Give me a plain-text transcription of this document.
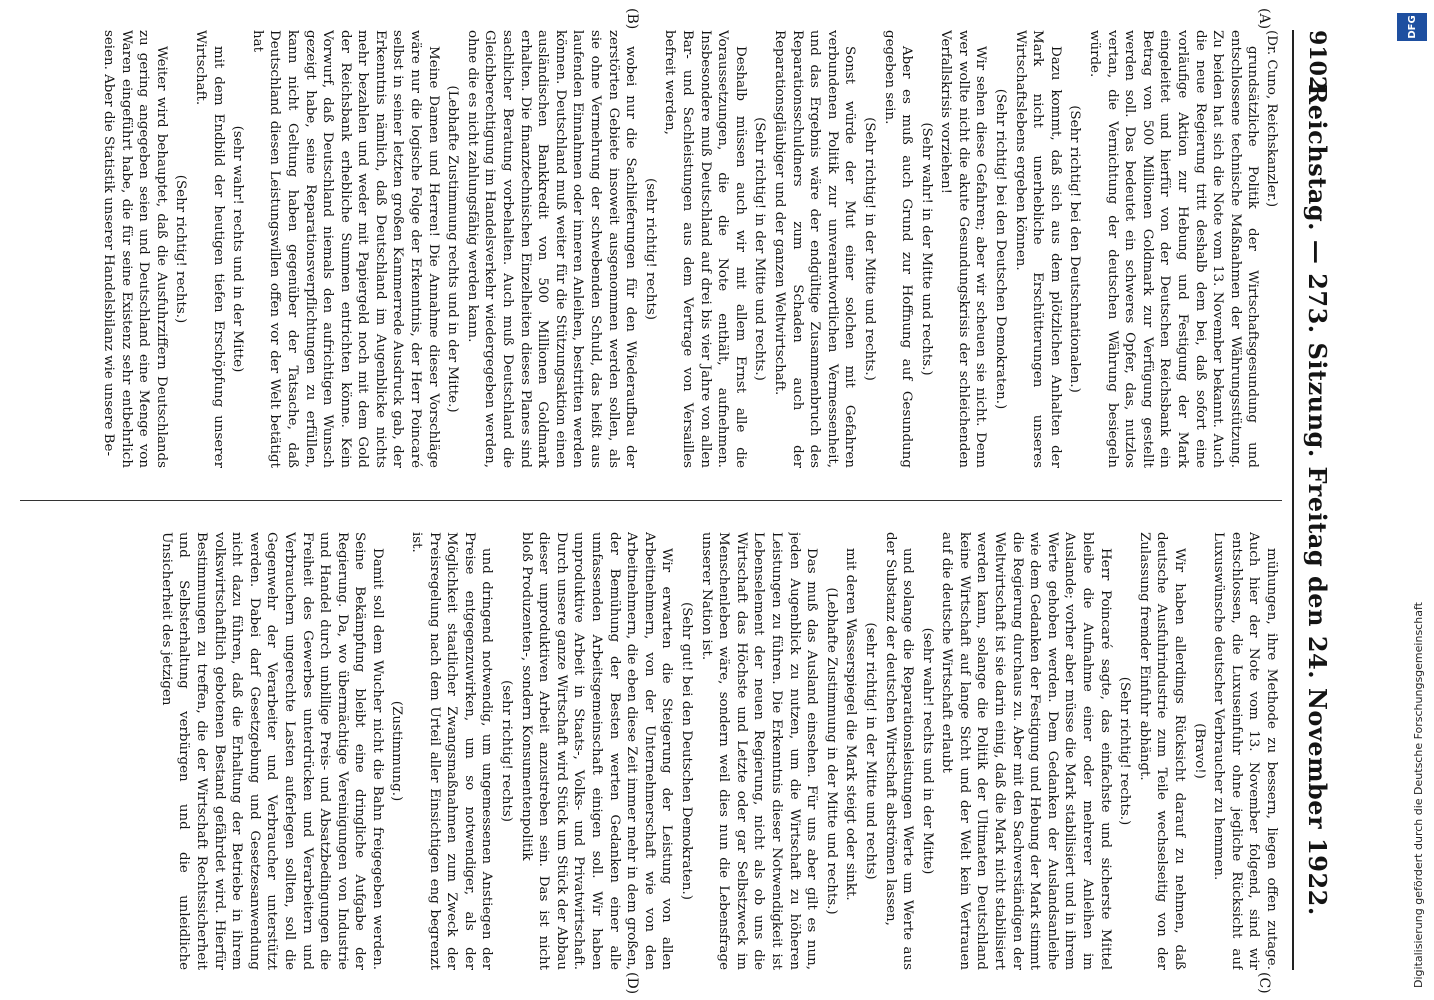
9102
Reichstag. — 273. Sitzung. Freitag den 24. November 1922.
(A)
(B)
(C)
(D)

(Dr. Cuno, Reichskanzler.)

grundsätzliche Politik der Wirtschaftsgesundung und entschlossene technische Maßnahmen der Währungsstützung. Zu beiden hat sich die Note vom 13. November bekannt. Auch die neue Regierung tritt deshalb dem bei, daß sofort eine vorläufige Aktion zur Hebung und Festigung der Mark eingeleitet und hierfür von der Deutschen Reichsbank ein Betrag von 500 Millionen Goldmark zur Verfügung gestellt werden soll. Das bedeutet ein schweres Opfer, das, nutzlos vertan, die Vernichtung der deutschen Währung besiegeln würde.

(Sehr richtig! bei den Deutschnationalen.)

Dazu kommt, daß sich aus dem plötzlichen Anhalten der Mark nicht unerhebliche Erschütterungen unseres Wirtschaftslebens ergeben können.

(Sehr richtig! bei den Deutschen Demokraten.)

Wir sehen diese Gefahren; aber wir scheuen sie nicht. Denn wer wollte nicht die akute Gesundungskrisis der schleichenden Verfallskrisis vorziehen!

(Sehr wahr! in der Mitte und rechts.)

Aber es muß auch Grund zur Hoffnung auf Gesundung gegeben sein.

(Sehr richtig! in der Mitte und rechts.)

Sonst würde der Mut einer solchen mit Gefahren verbundenen Politik zur unverantwortlichen Vermessenheit, und das Ergebnis wäre der endgültige Zusammenbruch des Reparationsschuldners zum Schaden auch der Reparationsgläubiger und der ganzen Weltwirtschaft.

(Sehr richtig! in der Mitte und rechts.)

Deshalb müssen auch wir mit allem Ernst alle die Voraussetzungen, die die Note enthält, aufnehmen. Insbesondere muß Deutschland auf drei bis vier Jahre von allen Bar- und Sachleistungen aus dem Vertrage von Versailles befreit werden,

(sehr richtig! rechts)

wobei nur die Sachlieferungen für den Wiederaufbau der zerstörten Gebiete insoweit ausgenommen werden sollen, als sie ohne Vermehrung der schwebenden Schuld, das heißt aus laufenden Einnahmen oder inneren Anleihen, bestritten werden können. Deutschland muß weiter für die Stützungsaktion einen ausländischen Bankkredit von 500 Millionen Goldmark erhalten. Die finanztechnischen Einzelheiten dieses Planes sind sachlicher Beratung vorbehalten. Auch muß Deutschland die Gleichberechtigung im Handelsverkehr wiedergegeben werden, ohne die es nicht zahlungsfähig werden kann.

(Lebhafte Zustimmung rechts und in der Mitte.)

Meine Damen und Herren! Die Annahme dieser Vorschläge wäre nur die logische Folge der Erkenntnis, der Herr Poincaré selbst in seiner letzten großen Kammerrede Ausdruck gab, der Erkenntnis nämlich, daß Deutschland im Augenblicke nichts mehr bezahlen und weder mit Papiergeld noch mit dem Gold der Reichsbank erhebliche Summen entrichten könne. Kein Vorwurf, daß Deutschland niemals den aufrichtigen Wunsch gezeigt habe, seine Reparationsverpflichtungen zu erfüllen, kann nicht Geltung haben gegenüber der Tatsache, daß Deutschland diesen Leistungswillen offen vor der Welt betätigt hat

(sehr wahr! rechts und in der Mitte)

mit dem Endbild der heutigen tiefen Erschöpfung unserer Wirtschaft.

(Sehr richtig! rechts.)

Weiter wird behauptet, daß die Ausfuhrziffern Deutschlands zu gering angegeben seien und Deutschland eine Menge von Waren eingeführt habe, die für seine Existenz sehr entbehrlich seien. Aber die Statistik unserer Handelsbilanz wie unsere Be-

mühungen, ihre Methode zu bessern, liegen offen zutage. Auch hier der Note vom 13. November folgend, sind wir entschlossen, die Luxuseinfuhr ohne jegliche Rücksicht auf Luxuswünsche deutscher Verbraucher zu hemmen.

(Bravo!)

Wir haben allerdings Rücksicht darauf zu nehmen, daß deutsche Ausfuhrindustrie zum Teile wechselseitig von der Zulassung fremder Einfuhr abhängt.

(Sehr richtig! rechts.)

Herr Poincaré sagte, das einfachste und sicherste Mittel bleibe die Aufnahme einer oder mehrerer Anleihen im Auslande; vorher aber müsse die Mark stabilisiert und in ihrem Werte gehoben werden. Dem Gedanken der Auslandsanleihe wie dem Gedanken der Festigung und Hebung der Mark stimmt die Regierung durchaus zu. Aber mit den Sachverständigen der Weltwirtschaft ist sie darin einig, daß die Mark nicht stabilisiert werden kann, solange die Politik der Ultimaten Deutschland keine Wirtschaft auf lange Sicht und der Welt kein Vertrauen auf die deutsche Wirtschaft erlaubt

(sehr wahr! rechts und in der Mitte)

und solange die Reparationsleistungen Werte um Werte aus der Substanz der deutschen Wirtschaft abströmen lassen,

(sehr richtig! in der Mitte und rechts)

mit deren Wasserspiegel die Mark steigt oder sinkt.

(Lebhafte Zustimmung in der Mitte und rechts.)

Das muß das Ausland einsehen. Für uns aber gilt es nun, jeden Augenblick zu nutzen, um die Wirtschaft zu höheren Leistungen zu führen. Die Erkenntnis dieser Notwendigkeit ist Lebenselement der neuen Regierung, nicht als ob uns die Wirtschaft das Höchste und Letzte oder gar Selbstzweck im Menschenleben wäre, sondern weil dies nun die Lebensfrage unserer Nation ist.

(Sehr gut! bei den Deutschen Demokraten.)

Wir erwarten die Steigerung der Leistung von allen Arbeitnehmern, von der Unternehmerschaft wie von den Arbeitnehmern, die eben diese Zeit immer mehr in dem großen, der Bemühung der Besten werten Gedanken einer alle umfassenden Arbeitsgemeinschaft einigen soll. Wir haben unproduktive Arbeit in Staats-, Volks- und Privatwirtschaft. Durch unsere ganze Wirtschaft wird Stück um Stück der Abbau dieser unproduktiven Arbeit anzustreben sein. Das ist nicht bloß Produzenten-, sondern Konsumentenpolitik

(sehr richtig! rechts)

und dringend notwendig, um ungemessenen Anstiegen der Preise entgegenzuwirken, um so notwendiger, als der Möglichkeit staatlicher Zwangsmaßnahmen zum Zweck der Preisregelung nach dem Urteil aller Einsichtigen eng begrenzt ist.

(Zustimmung.)

Damit soll dem Wucher nicht die Bahn freigegeben werden. Seine Bekämpfung bleibt eine dringliche Aufgabe der Regierung. Da, wo übermächtige Vereinigungen von Industrie und Handel durch unbillige Preis- und Absatzbedingungen die Freiheit des Gewerbes unterdrücken und Verarbeitern und Verbrauchern ungerechte Lasten auferlegen sollten, soll die Gegenwehr der Verarbeiter und Verbraucher unterstützt werden. Dabei darf Gesetzgebung und Gesetzesanwendung nicht dazu führen, daß die Erhaltung der Betriebe in ihrem volkswirtschaftlich gebotenen Bestand gefährdet wird. Hierfür Bestimmungen zu treffen, die der Wirtschaft Rechtssicherheit und Selbsterhaltung verbürgen und die unleidliche Unsicherheit des jetzigen

DFG
Digitalisierung gefördert durch die Deutsche Forschungsgemeinschaft
